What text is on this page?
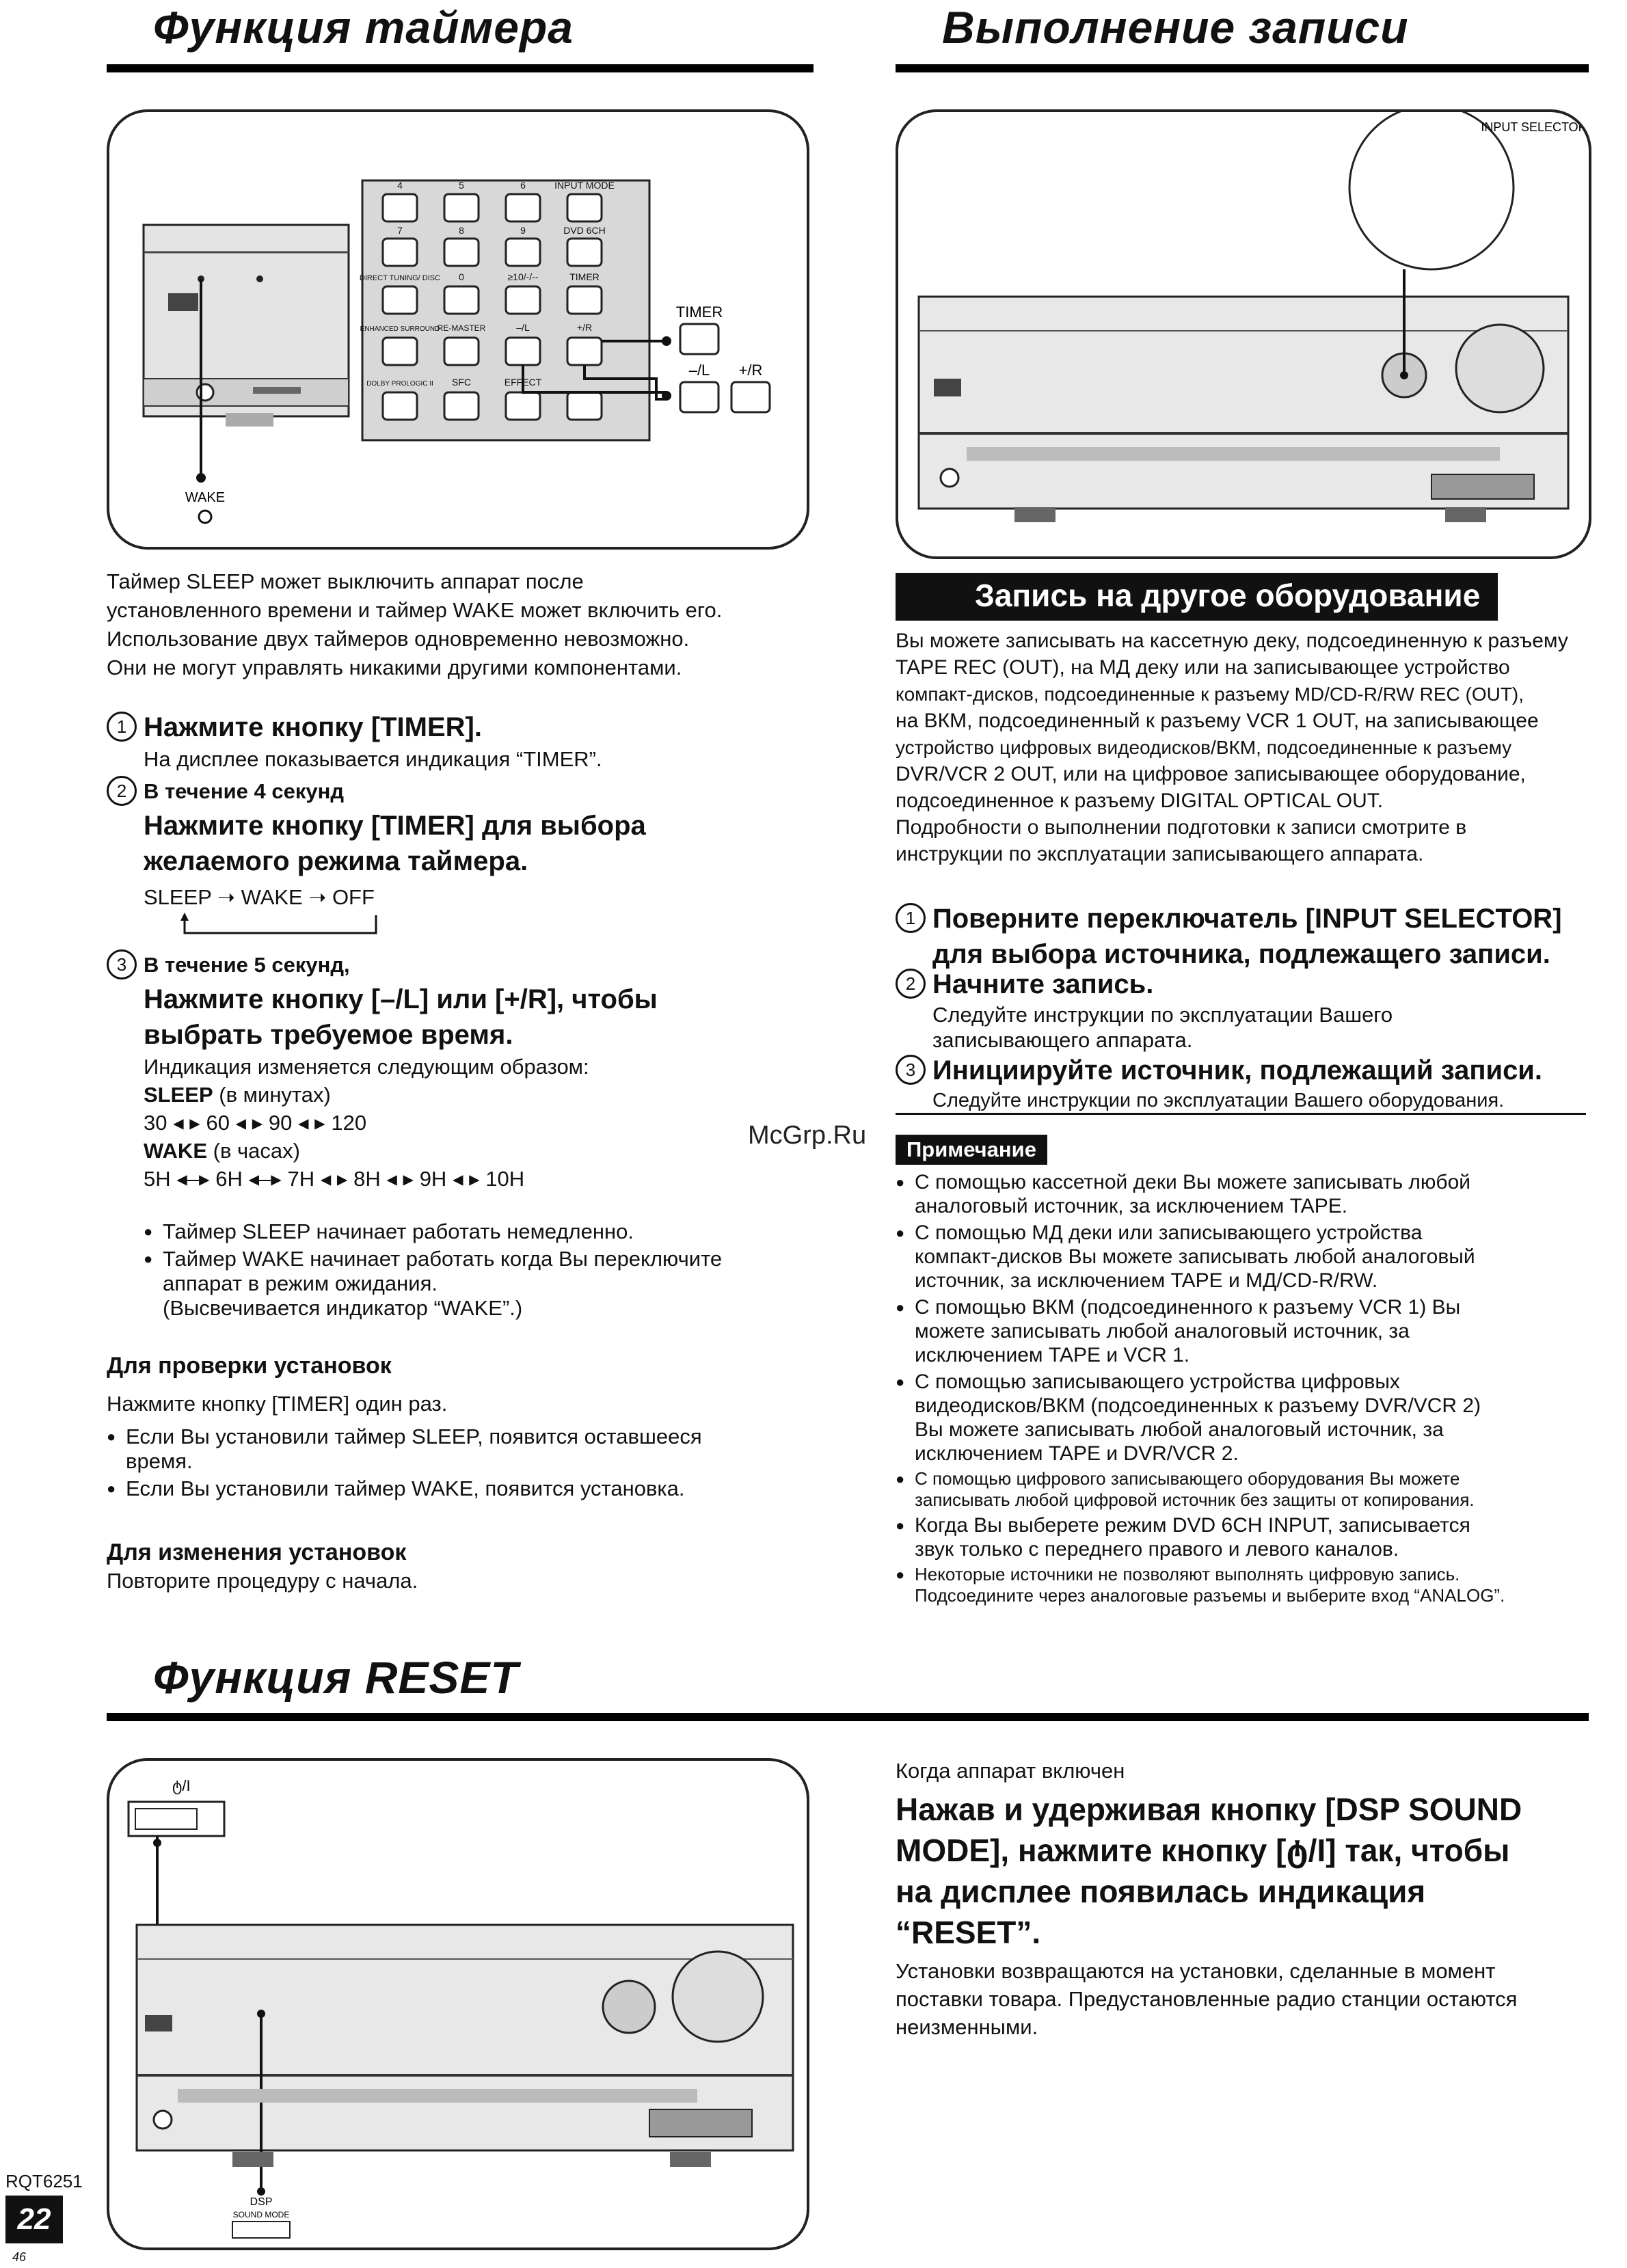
Функция таймера
4	5	6	INPUT MODE
7	8	9	DVD 6CH
DIRECT TUNING/ DISC 0	≥10/-/--	TIMER
ENHANCED SURROUND
RE-MASTER	–/L	+/R
DOLBY PROLOGIC II SFC	EFFECT
TIMER
–/L +/R
WAKE
Таймер SLEEP может выключить аппарат после
установленного времени и таймер WAKE может включить его.
Использование двух таймеров одновременно невозможно.
Они не могут управлять никакими другими компонентами.
1 Нажмите кнопку [TIMER].
На дисплее показывается индикация “TIMER”.
2 В течение 4 секунд
Нажмите кнопку [TIMER] для выбора
желаемого режима таймера.
SLEEP ➝ WAKE ➝ OFF
3 В течение 5 секунд,
Нажмите кнопку [–/L] или [+/R], чтобы
выбрать требуемое время.
Индикация изменяется следующим образом:
SLEEP (в минутах)
30 ◂ ▸ 60 ◂ ▸ 90 ◂ ▸ 120
WAKE (в часах)
5H ◂–▸ 6H ◂–▸ 7H ◂ ▸ 8H ◂ ▸ 9H ◂ ▸ 10H
● Таймер SLEEP начинает работать немедленно.
● Таймер WAKE начинает работать когда Вы переключите
аппарат в режим ожидания.
(Высвечивается индикатор “WAKE”.)
Для проверки установок
Нажмите кнопку [TIMER] один раз.
● Если Вы установили таймер SLEEP, появится оставшееся
время.
● Если Вы установили таймер WAKE, появится установка.
Для изменения установок
Повторите процедуру с начала.
Выполнение записи
INPUT SELECTOR
Запись на другое оборудование
Вы можете записывать на кассетную деку, подсоединенную к разъему
TAPE REC (OUT), на МД деку или на записывающее устройство
компакт-дисков, подсоединенные к разъему MD/CD-R/RW REC (OUT),
на ВКМ, подсоединенный к разъему VCR 1 OUT, на записывающее
устройство цифровых видеодисков/ВКМ, подсоединенные к разъему
DVR/VCR 2 OUT, или на цифровое записывающее оборудование,
подсоединенное к разъему DIGITAL OPTICAL OUT.
Подробности о выполнении подготовки к записи смотрите в
инструкции по эксплуатации записывающего аппарата.
1 Поверните переключатель [INPUT SELECTOR]
для выбора источника, подлежащего записи.
2 Начните запись.
Следуйте инструкции по эксплуатации Вашего
записывающего аппарата.
3 Инициируйте источник, подлежащий записи.
Следуйте инструкции по эксплуатации Вашего оборудования.
McGrp.Ru	Примечание
● С помощью кассетной деки Вы можете записывать любой
аналоговый источник, за исключением TAPE.
● С помощью МД деки или записывающего устройства
компакт-дисков Вы можете записывать любой аналоговый
источник, за исключением TAPE и МД/CD-R/RW.
● С помощью ВКМ (подсоединенного к разъему VCR 1) Вы
можете записывать любой аналоговый источник, за
исключением TAPE и VCR 1.
● С помощью записывающего устройства цифровых
видеодисков/ВКМ (подсоединенных к разъему DVR/VCR 2)
Вы можете записывать любой аналоговый источник, за
исключением TAPE и DVR/VCR 2.
● С помощью цифрового записывающего оборудования Вы можете
записывать любой цифровой источник без защиты от копирования.
● Когда Вы выберете режим DVD 6CH INPUT, записывается
звук только с переднего правого и левого каналов.
● Некоторые источники не позволяют выполнять цифровую запись.
Подсоедините через аналоговые разъемы и выберите вход “ANALOG”.
Функция RESET
ტ/I
DSP
SOUND MODE
Когда аппарат включен
Нажав и удерживая кнопку [DSP SOUND
MODE], нажмите кнопку [ტ/I] так, чтобы
на дисплее появилась индикация
“RESET”.
Установки возвращаются на установки, сделанные в момент
поставки товара. Предустановленные радио станции остаются
неизменными.
RQT6251
22
46
